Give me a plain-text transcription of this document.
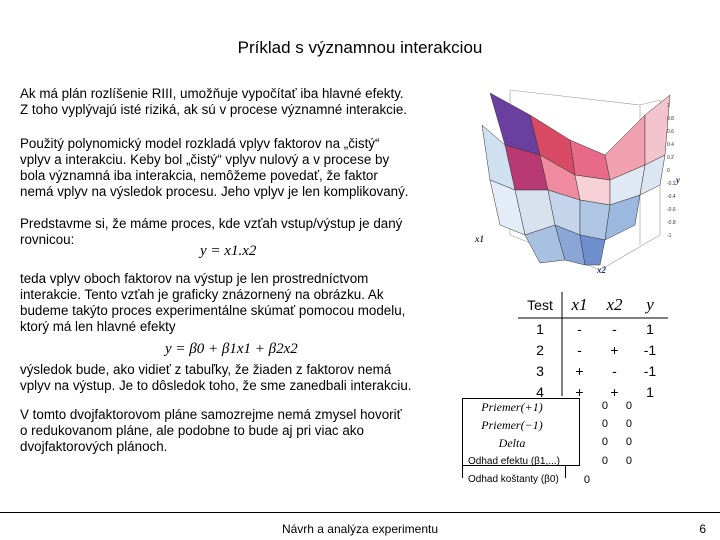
Príklad s významnou interakciou
Ak má plán rozlíšenie RIII, umožňuje vypočítať iba hlavné efekty.
Z toho vyplývajú isté riziká, ak sú v procese významné interakcie.
Použitý polynomický model rozkladá vplyv faktorov na „čistý“
vplyv a interakciu. Keby bol „čistý“ vplyv nulový a v procese by
bola významná iba interakcia, nemôžeme povedať, že faktor
nemá vplyv na výsledok procesu. Jeho vplyv je len komplikovaný.
Predstavme si, že máme proces, kde vzťah vstup/výstup je daný
rovnicou:
y = x1.x2
teda vplyv oboch faktorov na výstup je len prostredníctvom
interakcie. Tento vzťah je graficky znázornený na obrázku. Ak
budeme takýto proces experimentálne skúmať pomocou modelu,
ktorý má len hlavné efekty
y = β0 + β1x1 + β2x2
výsledok bude, ako vidieť z tabuľky, že žiaden z faktorov nemá
vplyv na výstup. Je to dôsledok toho, že sme zanedbali interakciu.
V tomto dvojfaktorovom pláne samozrejme nemá zmysel hovoriť
o redukovanom pláne, ale podobne to bude aj pri viac ako
dvojfaktorových plánoch.
1
0.8
0.6
0.4
0.2
0
-0.2
-0.4
-0.6
-0.8
-1
x1
x2
y
Test	x1	x2	y
1	-	-	1
2	-	+	-1
3	+	-	-1
4	+	+	1
Priemer(+1)	0	0
Priemer(−1)	0	0
Delta	0	0
Odhad efektu (β1,...)	0	0
Odhad koštanty (β0)	0
Návrh a analýza experimentu	6
